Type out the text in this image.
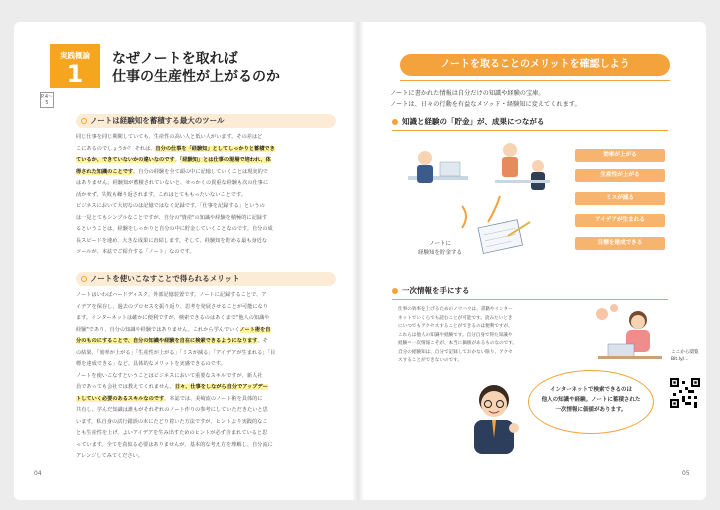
実践概論
1
なぜノートを取れば
仕事の生産性が上がるのか
P.4〜5
ノートは経験知を蓄積する最大のツール
同じ仕事を同じ期間していても、生産性の高い人と低い人がいます。その差はど
こにあるのでしょうか？ それは、自分の仕事を「経験知」としてしっかりと蓄積でき
ているか、できていないかの違いなのです。「経験知」とは仕事の現場で培われ、体
得された知識のことです。自分の経験を全て頭の中に記憶していくことは現実的で
はありません。経験知が蓄積されていないと、せっかくの貴重な経験も次の仕事に
活かせず、失敗も繰り返されます。これはとてももったいないことです。
ビジネスにおいて大切なのは記憶ではなく記録です。「仕事を記録する」というの
は一見とてもシンプルなことですが、自分の"資産"の知識や経験を積極的に記録す
るということは、経験をしっかりと自分の中に貯金していくことなのです。自分の成
長スピードを速め、大きな成果に直結します。そして、経験知を貯める最も身近な
ツールが、本誌でご紹介する「ノート」なのです。
ノートを使いこなすことで得られるメリット
ノートはいわばハードディスク。外部記憶装置です。ノートに記録することで、ア
イデアを保存し、過去のプロセスを振り返り、思考を発展させることが可能になり
ます。インターネットは確かに便利ですが、検索できるのはあくまで"他人の知識や
経験"であり、自分の知識や経験ではありません。これから学んでいくノート術を自
分のものにすることで、自分の知識や経験を自在に検索できるようになります。そ
の結果、「効率が上がる」「生産性が上がる」「ミスが減る」「アイデアが生まれる」「目
標を達成できる」など、具体的なメリットを実感できるのです。
ノートを使いこなすということはビジネスにおいて重要なスキルですが、新人社
員であっても会社では教えてくれません。日々、仕事をしながら自分でアップデー
トしていく必要のあるスキルなのです。本誌では、美崎流のノート術を具体的に
共有し、学んだ知識は誰もがそれぞれのノート作りの参考にしていただきたいと思
います。私自身の試行錯誤の末にたどり着いた方法ですが、ヒントより実践的なこ
とも生産性を上げ、よいアイデアを生み出すためのヒントが必ず含まれていると思
っています。全てを真似る必要はありませんが、基本的な考え方を理解し、自分流に
アレンジしてみてください。
04
ノートを取ることのメリットを確認しよう
ノートに書かれた情報は自分だけの知識や経験の宝庫。
ノートは、日々の行動を有益なメソッド・経験知に変えてくれます。
知識と経験の「貯金」が、成果につながる
ノートに
経験知を貯金する
効率が上がる
生産性が上がる
ミスが減る
アイデアが生まれる
目標を達成できる
一次情報を手にする
仕事の効率を上げるためのノウハウは、書籍やインター
ネットでいくらでも読むことが可能です。読みたいとき
にいつでもアクセスすることができるのは便利ですが、
これらは他人の知識や経験です。自分自身で得た知識や
経験＝一次情報こそが、本当に価値があるものなのです。
自分の経験知は、自分で記録しておかない限り、アクセ
スすることができないのです。
インターネットで検索できるのは
他人の知識や経験。ノートに蓄積された
一次情報に価値があります。
ここから閲覧
Bit.ly/...
05
